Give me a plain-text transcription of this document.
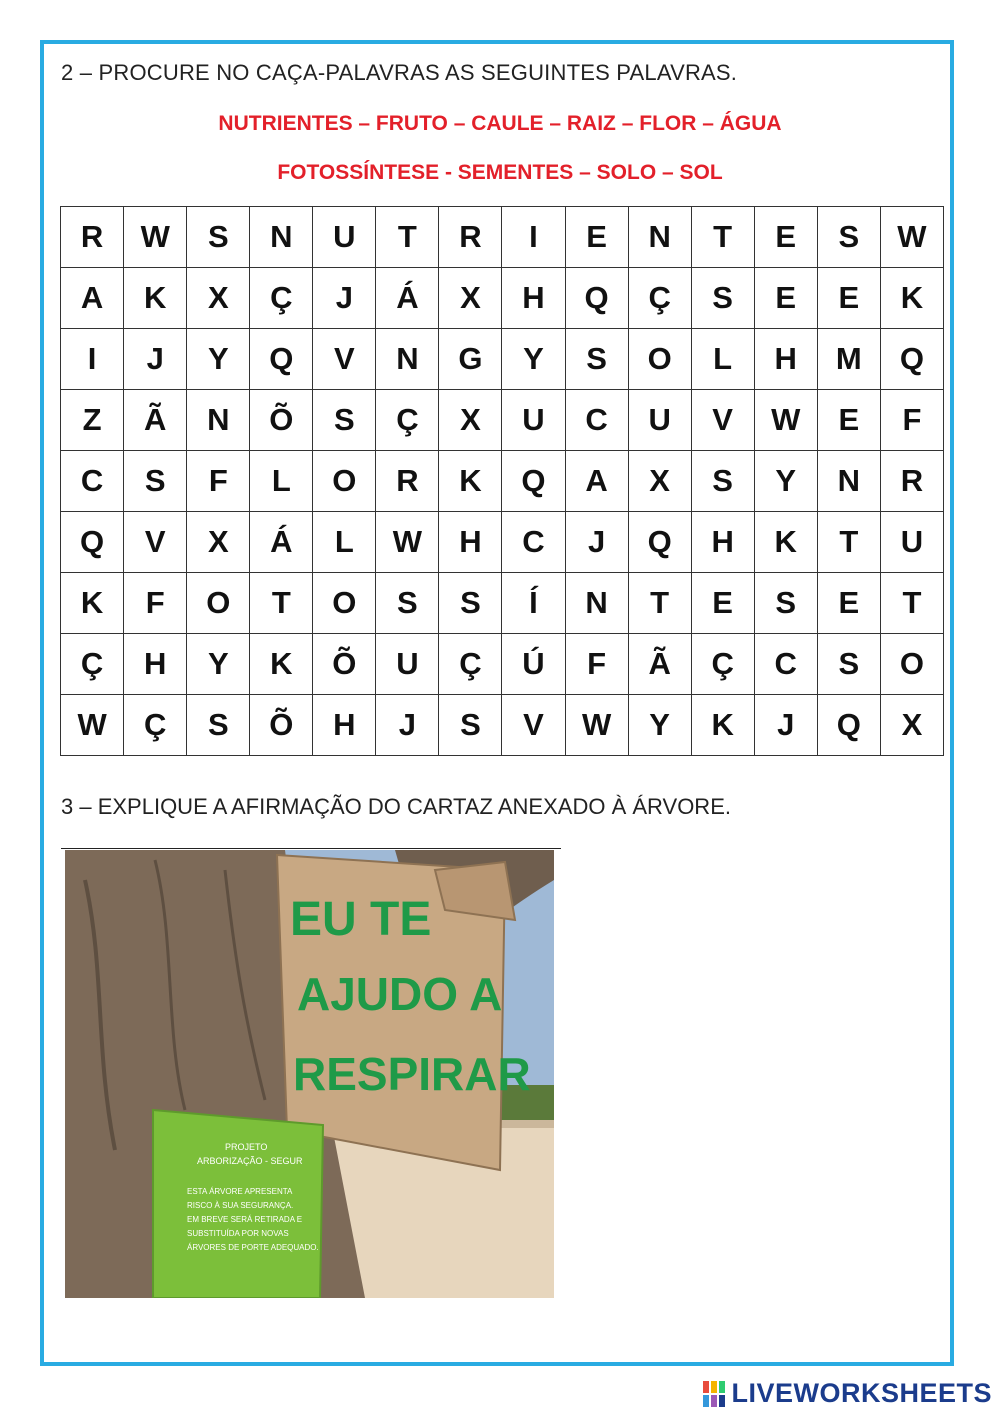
2 – PROCURE NO CAÇA-PALAVRAS AS SEGUINTES PALAVRAS.
NUTRIENTES – FRUTO – CAULE – RAIZ – FLOR – ÁGUA
FOTOSSÍNTESE - SEMENTES – SOLO – SOL
R	W	S	N	U	T	R	I	E	N	T	E	S	W
A	K	X	Ç	J	Á	X	H	Q	Ç	S	E	E	K
I	J	Y	Q	V	N	G	Y	S	O	L	H	M	Q
Z	Ã	N	Õ	S	Ç	X	U	C	U	V	W	E	F
C	S	F	L	O	R	K	Q	A	X	S	Y	N	R
Q	V	X	Á	L	W	H	C	J	Q	H	K	T	U
K	F	O	T	O	S	S	Í	N	T	E	S	E	T
Ç	H	Y	K	Õ	U	Ç	Ú	F	Ã	Ç	C	S	O
W	Ç	S	Õ	H	J	S	V	W	Y	K	J	Q	X
3 – EXPLIQUE A AFIRMAÇÃO DO CARTAZ ANEXADO À ÁRVORE.
EU TE
AJUDO A
RESPIRAR
PROJETO
ARBORIZAÇÃO - SEGUR
ESTA ÁRVORE APRESENTA
RISCO À SUA SEGURANÇA.
EM BREVE SERÁ RETIRADA E
SUBSTITUÍDA POR NOVAS
ÁRVORES DE PORTE ADEQUADO.
LIVEWORKSHEETS
